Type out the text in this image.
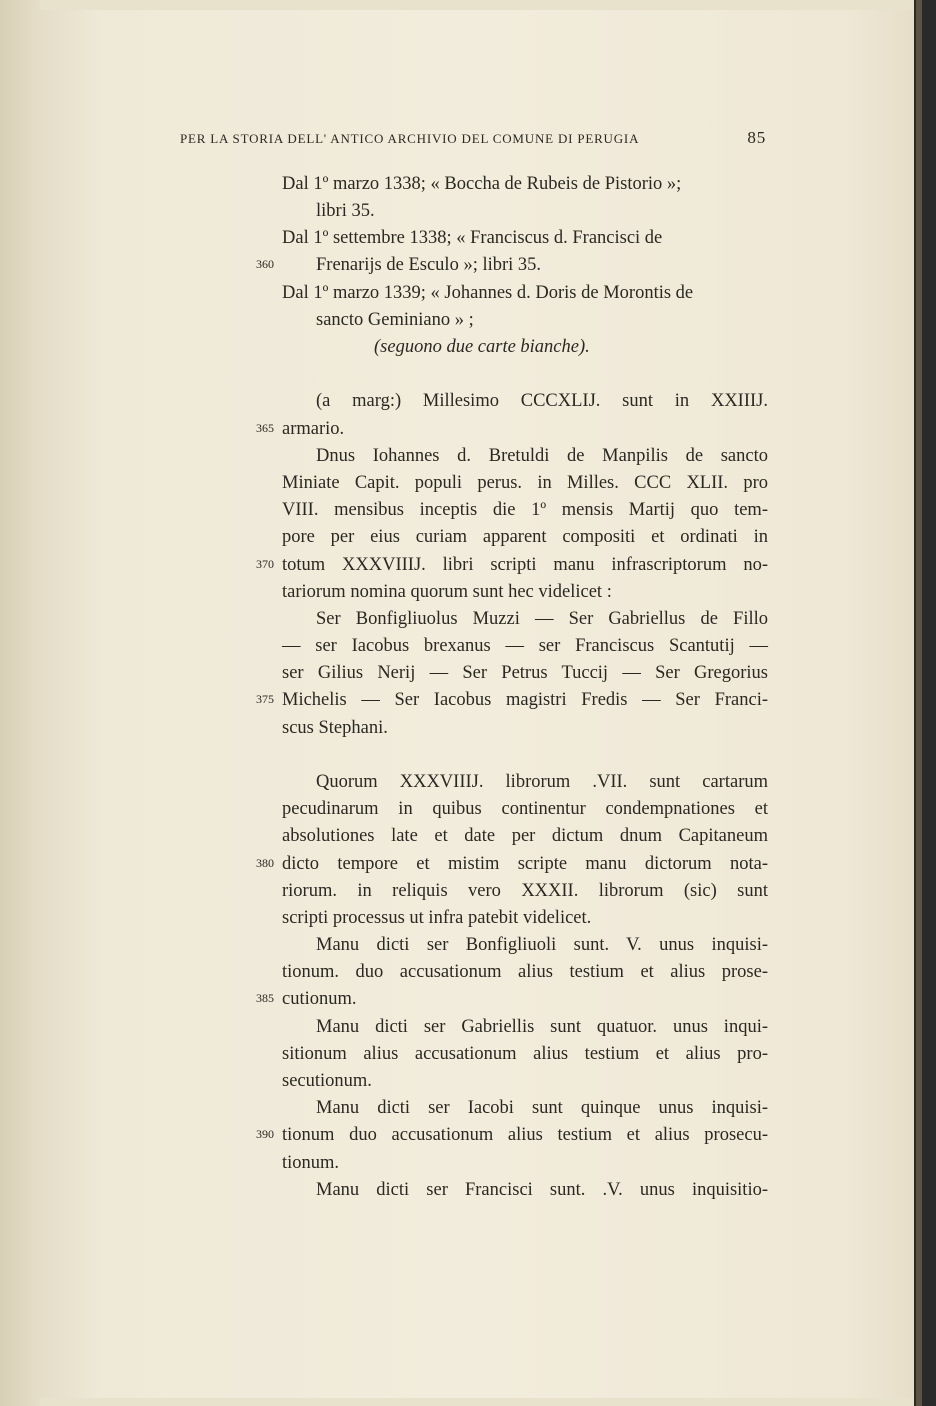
PER LA STORIA DELL' ANTICO ARCHIVIO DEL COMUNE DI PERUGIA	85
Dal 1º marzo 1338; « Boccha de Rubeis de Pistorio »;
libri 35.
Dal 1º settembre 1338; « Franciscus d. Francisci de
Frenarijs de Esculo »; libri 35.
Dal 1º marzo 1339; « Johannes d. Doris de Morontis de
sancto Geminiano » ;
(seguono due carte bianche).
(a marg:) Millesimo CCCXLIJ. sunt in XXIIIJ.
armario.
Dnus Iohannes d. Bretuldi de Manpilis de sancto
Miniate Capit. populi perus. in Milles. CCC XLII. pro
VIII. mensibus inceptis die 1º mensis Martij quo tem-
pore per eius curiam apparent compositi et ordinati in
totum XXXVIIIJ. libri scripti manu infrascriptorum no-
tariorum nomina quorum sunt hec videlicet :
Ser Bonfigliuolus Muzzi — Ser Gabriellus de Fillo
— ser Iacobus brexanus — ser Franciscus Scantutij —
ser Gilius Nerij — Ser Petrus Tuccij — Ser Gregorius
Michelis — Ser Iacobus magistri Fredis — Ser Franci-
scus Stephani.
Quorum XXXVIIIJ. librorum .VII. sunt cartarum
pecudinarum in quibus continentur condempnationes et
absolutiones late et date per dictum dnum Capitaneum
dicto tempore et mistim scripte manu dictorum nota-
riorum. in reliquis vero XXXII. librorum (sic) sunt
scripti processus ut infra patebit videlicet.
Manu dicti ser Bonfigliuoli sunt. V. unus inquisi-
tionum. duo accusationum alius testium et alius prose-
cutionum.
Manu dicti ser Gabriellis sunt quatuor. unus inqui-
sitionum alius accusationum alius testium et alius pro-
secutionum.
Manu dicti ser Iacobi sunt quinque unus inquisi-
tionum duo accusationum alius testium et alius prosecu-
tionum.
Manu dicti ser Francisci sunt. .V. unus inquisitio-
360
365
370
375
380
385
390
